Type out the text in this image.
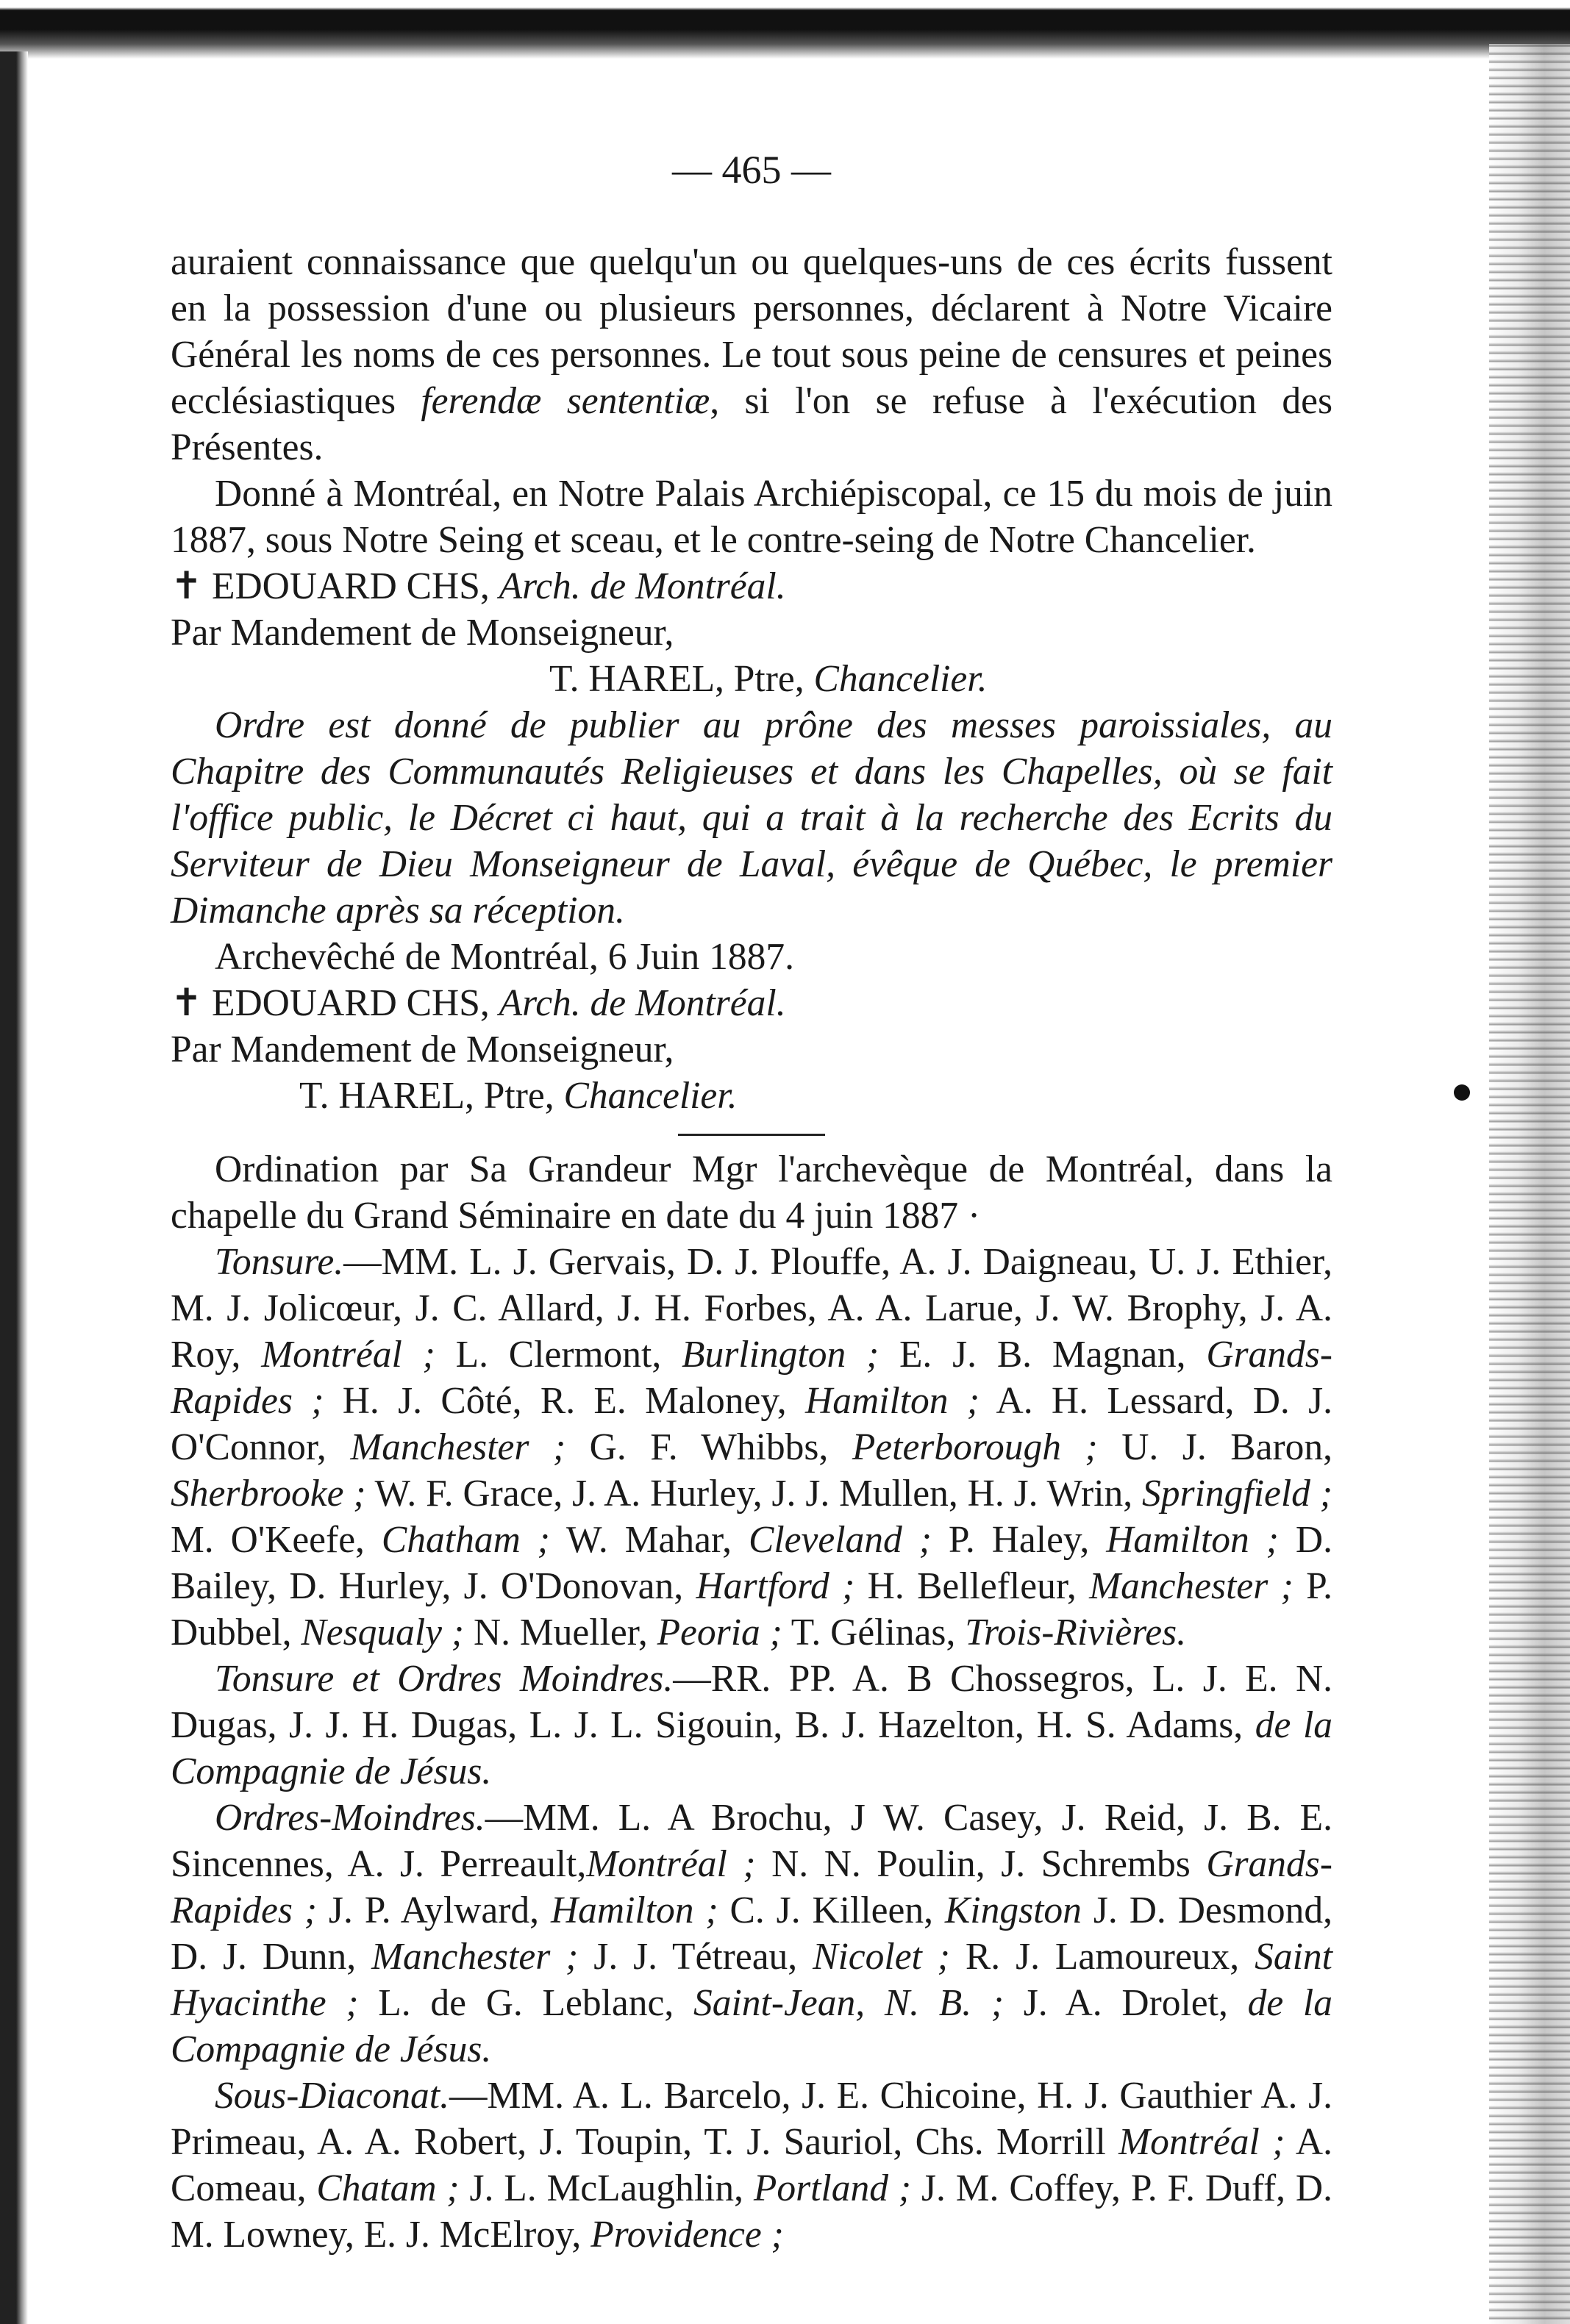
— 465 —

auraient connaissance que quelqu'un ou quelques-uns de ces écrits fussent en la possession d'une ou plusieurs personnes, déclarent à Notre Vicaire Général les noms de ces personnes. Le tout sous peine de censures et peines ecclésiastiques ferendæ sententiæ, si l'on se refuse à l'exécution des Présentes.

Donné à Montréal, en Notre Palais Archiépiscopal, ce 15 du mois de juin 1887, sous Notre Seing et sceau, et le contre-seing de Notre Chancelier.

✝ EDOUARD CHS, Arch. de Montréal.

Par Mandement de Monseigneur,

T. HAREL, Ptre, Chancelier.

Ordre est donné de publier au prône des messes paroissiales, au Chapitre des Communautés Religieuses et dans les Chapelles, où se fait l'office public, le Décret ci haut, qui a trait à la recherche des Ecrits du Serviteur de Dieu Monseigneur de Laval, évêque de Québec, le premier Dimanche après sa réception.

Archevêché de Montréal, 6 Juin 1887.

✝ EDOUARD CHS, Arch. de Montréal.

Par Mandement de Monseigneur,

T. HAREL, Ptre, Chancelier.

Ordination par Sa Grandeur Mgr l'archevèque de Montréal, dans la chapelle du Grand Séminaire en date du 4 juin 1887 ·

Tonsure.—MM. L. J. Gervais, D. J. Plouffe, A. J. Daigneau, U. J. Ethier, M. J. Jolicœur, J. C. Allard, J. H. Forbes, A. A. Larue, J. W. Brophy, J. A. Roy, Montréal ; L. Clermont, Burlington ; E. J. B. Magnan, Grands-Rapides ; H. J. Côté, R. E. Maloney, Hamilton ; A. H. Lessard, D. J. O'Connor, Manchester ; G. F. Whibbs, Peterborough ; U. J. Baron, Sherbrooke ; W. F. Grace, J. A. Hurley, J. J. Mullen, H. J. Wrin, Springfield ; M. O'Keefe, Chatham ; W. Mahar, Cleveland ; P. Haley, Hamilton ; D. Bailey, D. Hurley, J. O'Donovan, Hartford ; H. Bellefleur, Manchester ; P. Dubbel, Nesqualy ; N. Mueller, Peoria ; T. Gélinas, Trois-Rivières.

Tonsure et Ordres Moindres.—RR. PP. A. B Chossegros, L. J. E. N. Dugas, J. J. H. Dugas, L. J. L. Sigouin, B. J. Hazelton, H. S. Adams, de la Compagnie de Jésus.

Ordres-Moindres.—MM. L. A Brochu, J W. Casey, J. Reid, J. B. E. Sincennes, A. J. Perreault,Montréal ; N. N. Poulin, J. Schrembs Grands-Rapides ; J. P. Aylward, Hamilton ; C. J. Killeen, Kingston J. D. Desmond, D. J. Dunn, Manchester ; J. J. Tétreau, Nicolet ; R. J. Lamoureux, Saint Hyacinthe ; L. de G. Leblanc, Saint-Jean, N. B. ; J. A. Drolet, de la Compagnie de Jésus.

Sous-Diaconat.—MM. A. L. Barcelo, J. E. Chicoine, H. J. Gauthier A. J. Primeau, A. A. Robert, J. Toupin, T. J. Sauriol, Chs. Morrill Montréal ; A. Comeau, Chatam ; J. L. McLaughlin, Portland ; J. M. Coffey, P. F. Duff, D. M. Lowney, E. J. McElroy, Providence ;
